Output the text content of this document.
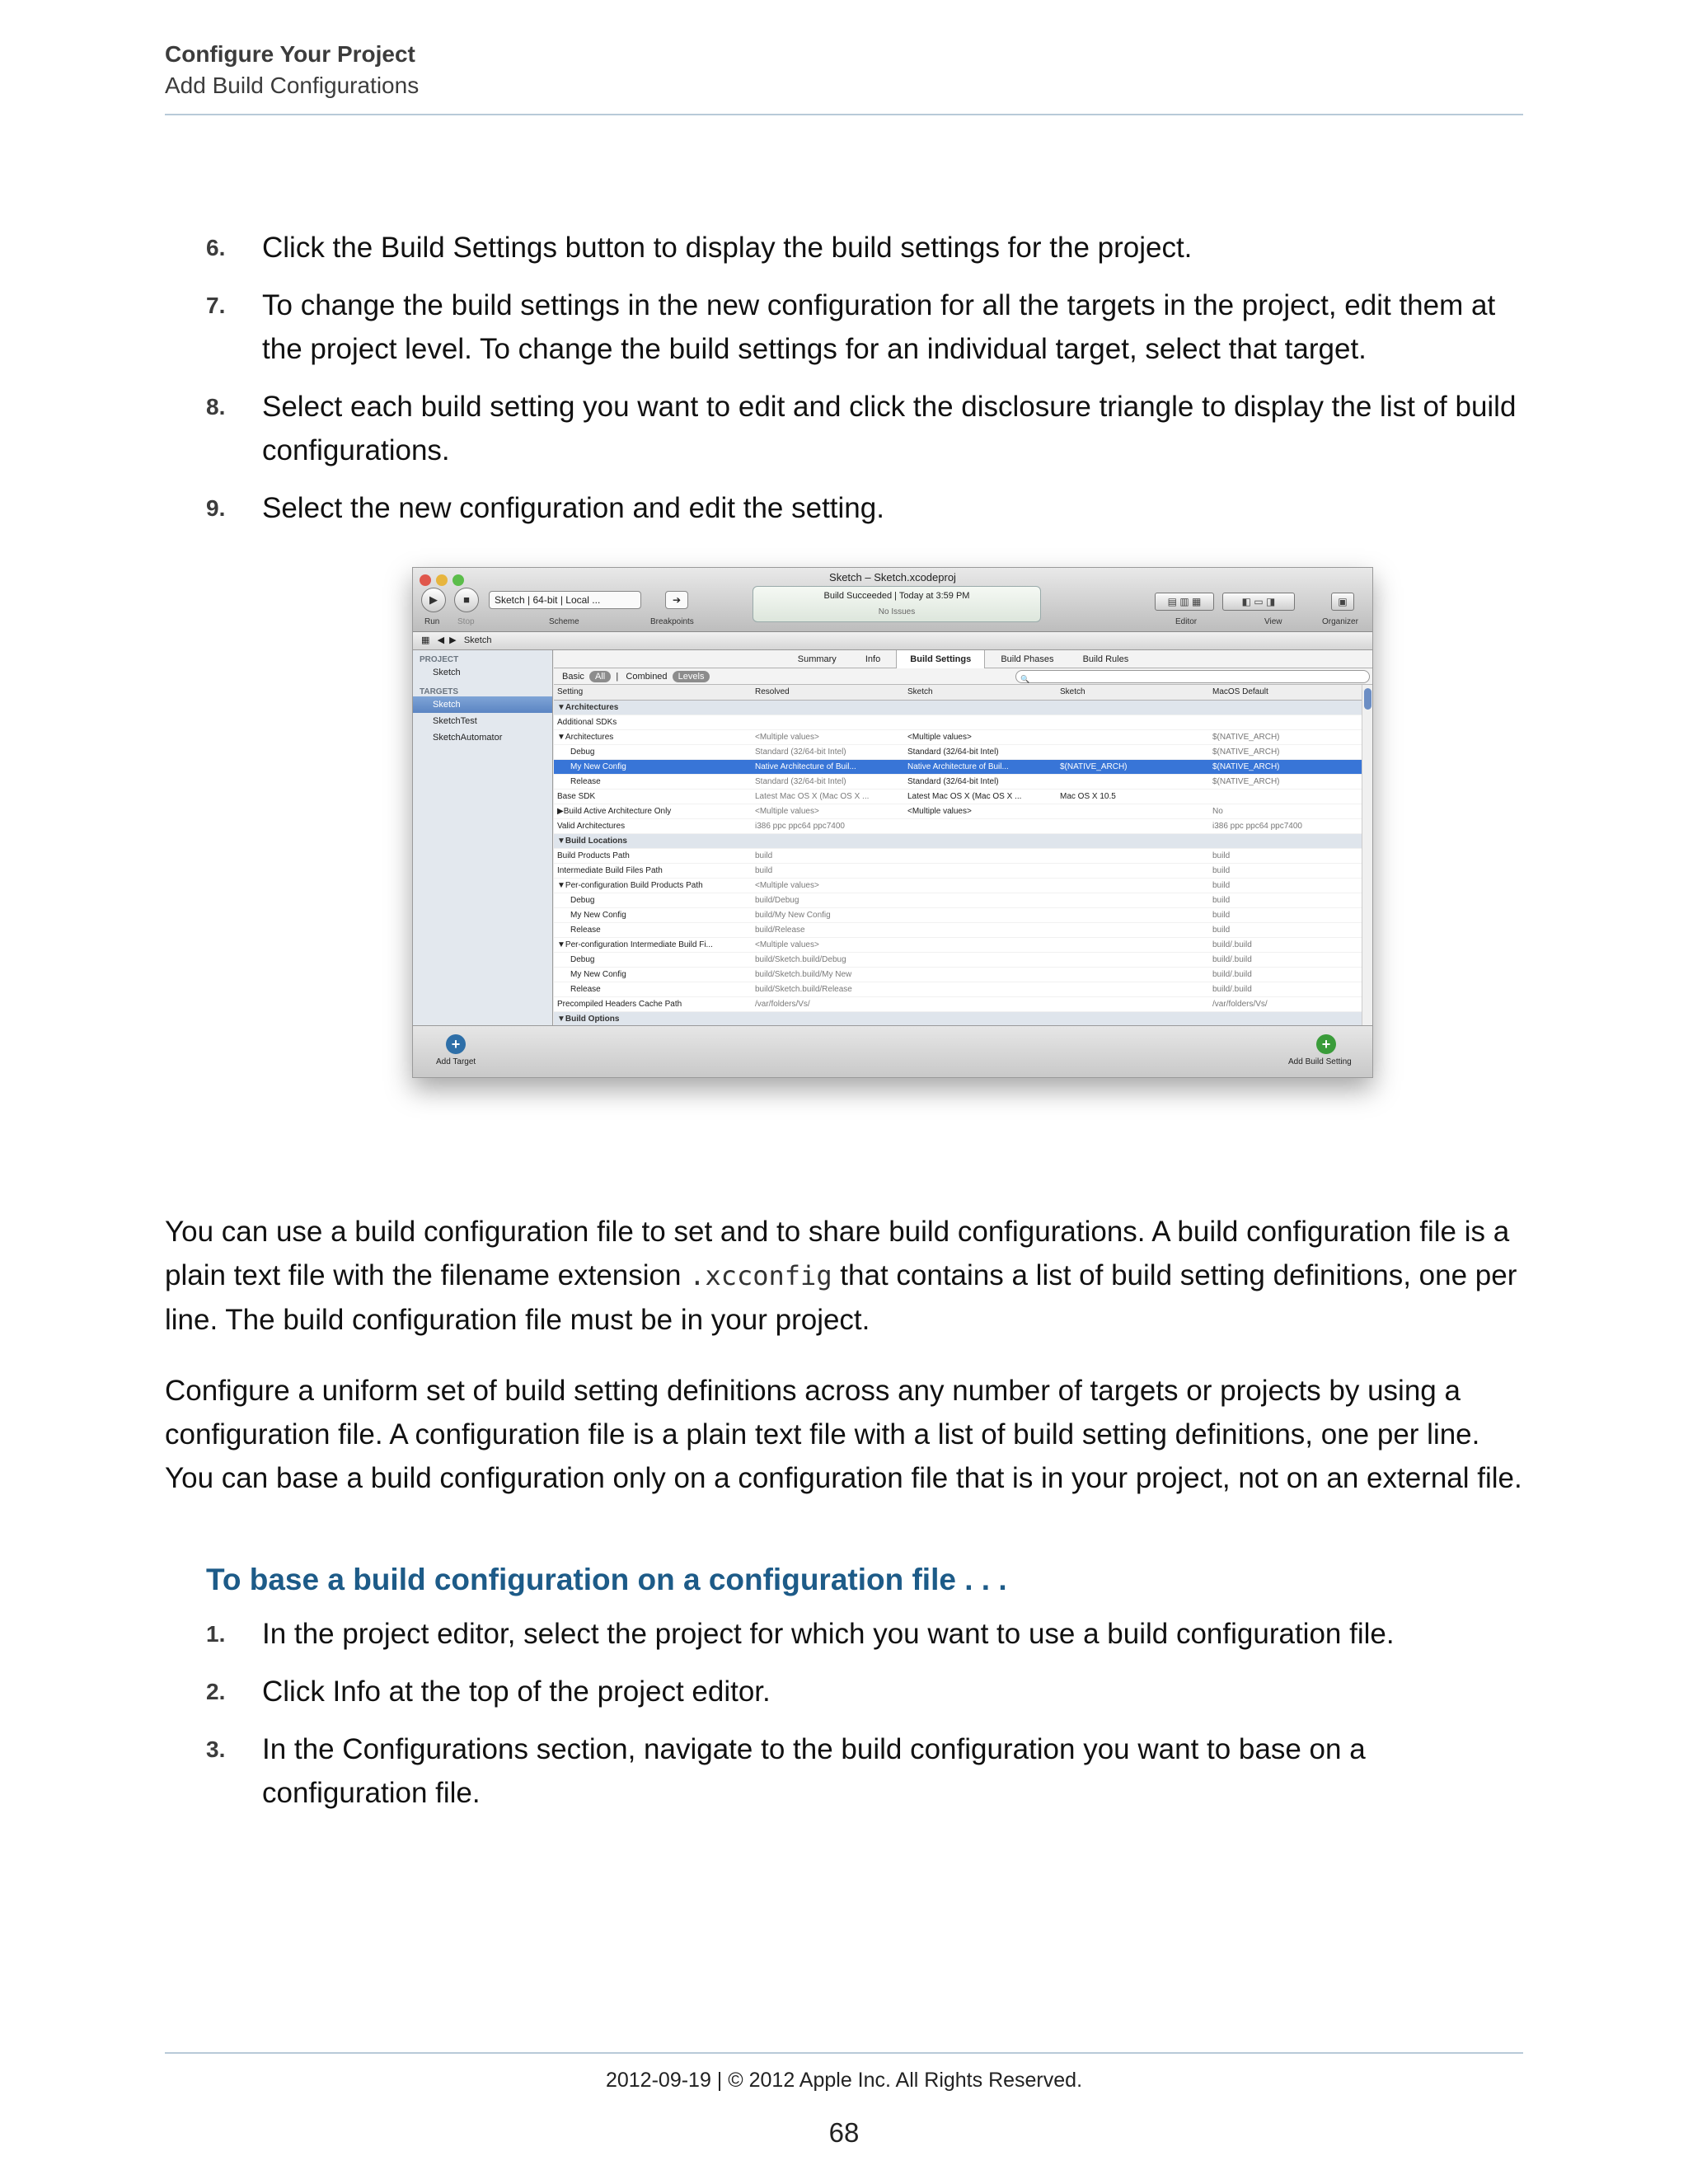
Configure Your Project
Add Build Configurations
6. Click the Build Settings button to display the build settings for the project.
7. To change the build settings in the new configuration for all the targets in the project, edit them at the project level. To change the build settings for an individual target, select that target.
8. Select each build setting you want to edit and click the disclosure triangle to display the list of build configurations.
9. Select the new configuration and edit the setting.
Sketch – Sketch.xcodeproj
▶	■
Run Stop
Sketch | 64-bit | Local ...
Scheme
➔
Breakpoints
Build Succeeded | Today at 3:59 PM
No Issues
▤ ▥ ▦	◧ ▭ ◨	▣
Editor	View	Organizer
▦ ◀ ▶ Sketch
PROJECT
Sketch
TARGETS
Sketch
SketchTest
SketchAutomator
Summary	Info	Build Settings	Build Phases	Build Rules
Basic All  |   Combined Levels	🔍
Setting	Resolved	Sketch	Sketch	MacOS Default
▼Architectures				
Additional SDKs				
▼Architectures	<Multiple values>	<Multiple values>		$(NATIVE_ARCH)
Debug	Standard (32/64-bit Intel)	Standard (32/64-bit Intel)		$(NATIVE_ARCH)
My New Config	Native Architecture of Buil...	Native Architecture of Buil...	$(NATIVE_ARCH)	$(NATIVE_ARCH)
Release	Standard (32/64-bit Intel)	Standard (32/64-bit Intel)		$(NATIVE_ARCH)
Base SDK	Latest Mac OS X (Mac OS X ...	Latest Mac OS X (Mac OS X ...	Mac OS X 10.5	
▶Build Active Architecture Only	<Multiple values>	<Multiple values>		No
Valid Architectures	i386 ppc ppc64 ppc7400			i386 ppc ppc64 ppc7400
▼Build Locations				
Build Products Path	build			build
Intermediate Build Files Path	build			build
▼Per-configuration Build Products Path	<Multiple values>			build
Debug	build/Debug			build
My New Config	build/My New Config			build
Release	build/Release			build
▼Per-configuration Intermediate Build Fi...	<Multiple values>			build/.build
Debug	build/Sketch.build/Debug			build/.build
My New Config	build/Sketch.build/My New			build/.build
Release	build/Sketch.build/Release			build/.build
Precompiled Headers Cache Path	/var/folders/Vs/			/var/folders/Vs/
▼Build Options				
+
Add Target
+
Add Build Setting
You can use a build configuration file to set and to share build configurations. A build configuration file is a plain text file with the filename extension .xcconfig that contains a list of build setting definitions, one per line. The build configuration file must be in your project.
Configure a uniform set of build setting definitions across any number of targets or projects by using a configuration file. A configuration file is a plain text file with a list of build setting definitions, one per line. You can base a build configuration only on a configuration file that is in your project, not on an external file.
To base a build configuration on a configuration file . . .
1. In the project editor, select the project for which you want to use a build configuration file.
2. Click Info at the top of the project editor.
3. In the Configurations section, navigate to the build configuration you want to base on a configuration file.
2012-09-19 | © 2012 Apple Inc. All Rights Reserved.
68
